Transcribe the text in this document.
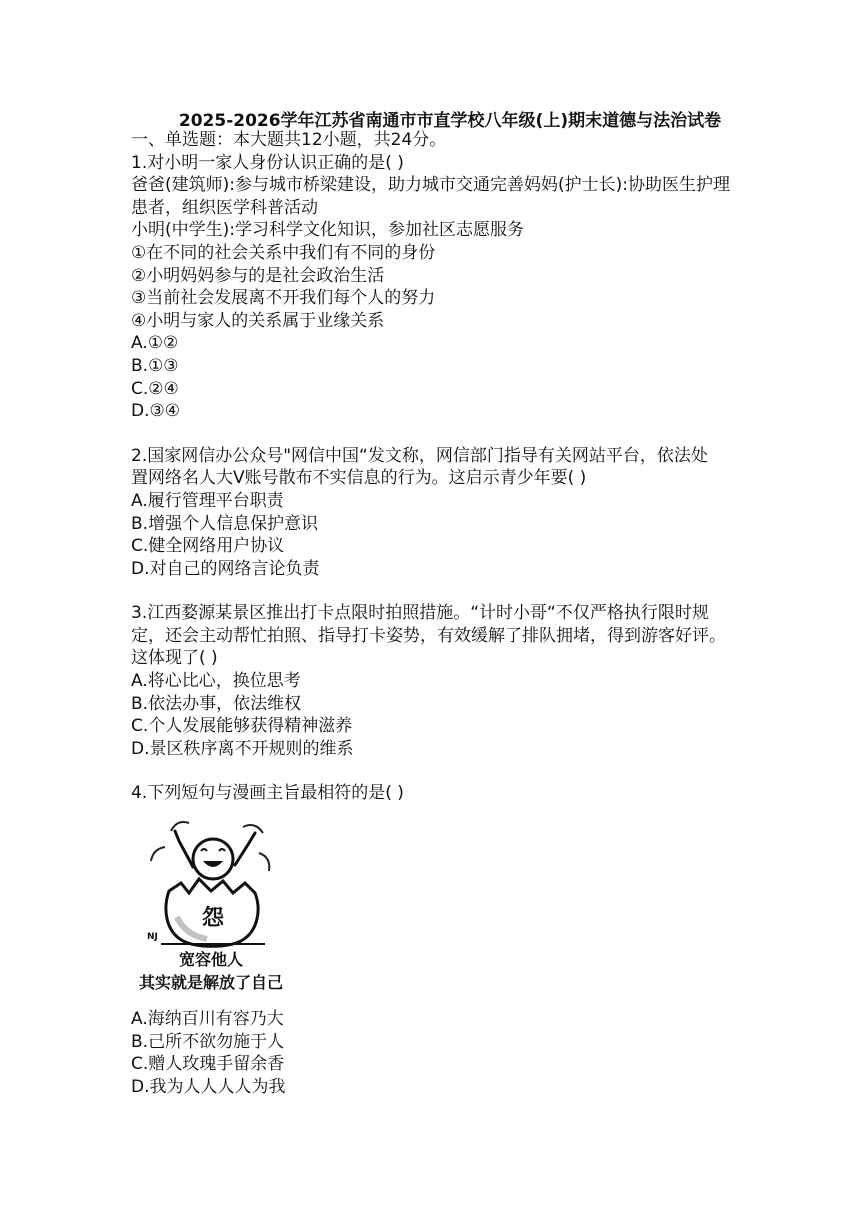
2025-2026学年江苏省南通市市直学校八年级(上)期末道德与法治试卷
一、单选题：本大题共12小题，共24分。
1.对小明一家人身份认识正确的是( )
爸爸(建筑师):参与城市桥梁建设，助力城市交通完善妈妈(护士长):协助医生护理
患者，组织医学科普活动
小明(中学生):学习科学文化知识，参加社区志愿服务
①在不同的社会关系中我们有不同的身份
②小明妈妈参与的是社会政治生活
③当前社会发展离不开我们每个人的努力
④小明与家人的关系属于业缘关系
A.①②
B.①③
C.②④
D.③④
2.国家网信办公众号"网信中国“发文称，网信部门指导有关网站平台，依法处
置网络名人大V账号散布不实信息的行为。这启示青少年要( )
A.履行管理平台职责
B.增强个人信息保护意识
C.健全网络用户协议
D.对自己的网络言论负责
3.江西婺源某景区推出打卡点限时拍照措施。“计时小哥“不仅严格执行限时规
定，还会主动帮忙拍照、指导打卡姿势，有效缓解了排队拥堵，得到游客好评。
这体现了( )
A.将心比心，换位思考
B.依法办事，依法维权
C.个人发展能够获得精神滋养
D.景区秩序离不开规则的维系
4.下列短句与漫画主旨最相符的是( )
怨
NJ
宽容他人
其实就是解放了自己
A.海纳百川有容乃大
B.己所不欲勿施于人
C.赠人玫瑰手留余香
D.我为人人人人为我
